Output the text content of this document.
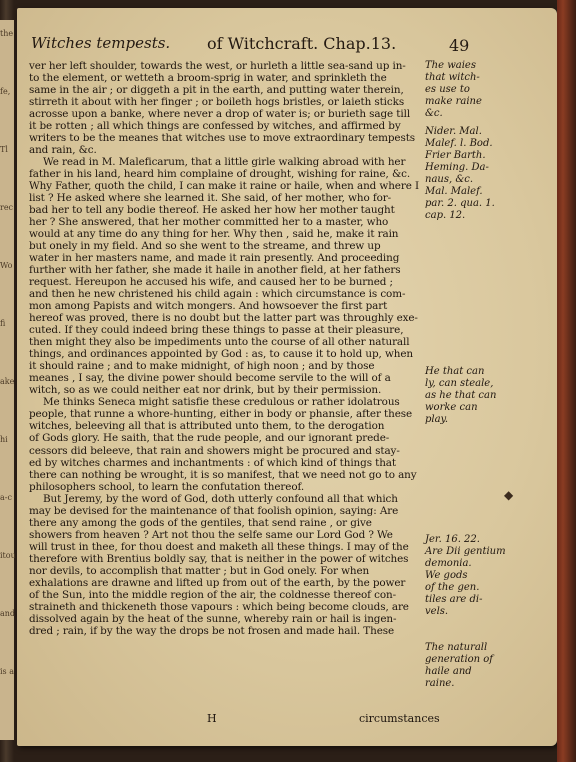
the
fe,
Tl
rec
Wo
fi
ake
hi
a-c
itou
and
is a
Witches tempests. of Witchcraft. Chap.13.	49
ver her left shoulder, towards the west, or hurleth a little sea-sand up in-
to the element, or wetteth a broom-sprig in water, and sprinkleth the
same in the air ; or diggeth a pit in the earth, and putting water therein,
stirreth it about with her finger ; or boileth hogs bristles, or laieth sticks
acrosse upon a banke, where never a drop of water is; or burieth sage till
it be rotten ; all which things are confessed by witches, and affirmed by
writers to be the meanes that witches use to move extraordinary tempests
and rain, &c.
We read in M. Maleficarum, that a little girle walking abroad with her
father in his land, heard him complaine of drought, wishing for raine, &c.
Why Father, quoth the child, I can make it raine or haile, when and where I
list ? He asked where she learned it. She said, of her mother, who for-
bad her to tell any bodie thereof. He asked her how her mother taught
her ? She answered, that her mother committed her to a master, who
would at any time do any thing for her. Why then , said he, make it rain
but onely in my field. And so she went to the streame, and threw up
water in her masters name, and made it rain presently. And proceeding
further with her father, she made it haile in another field, at her fathers
request. Hereupon he accused his wife, and caused her to be burned ;
and then he new christened his child again : which circumstance is com-
mon among Papists and witch mongers. And howsoever the first part
hereof was proved, there is no doubt but the latter part was throughly exe-
cuted. If they could indeed bring these things to passe at their pleasure,
then might they also be impediments unto the course of all other naturall
things, and ordinances appointed by God : as, to cause it to hold up, when
it should raine ; and to make midnight, of high noon ; and by those
meanes , I say, the divine power should become servile to the will of a
witch, so as we could neither eat nor drink, but by their permission.
Me thinks Seneca might satisfie these credulous or rather idolatrous
people, that runne a whore-hunting, either in body or phansie, after these
witches, beleeving all that is attributed unto them, to the derogation
of Gods glory. He saith, that the rude people, and our ignorant prede-
cessors did beleeve, that rain and showers might be procured and stay-
ed by witches charmes and inchantments : of which kind of things that
there can nothing be wrought, it is so manifest, that we need not go to any
philosophers school, to learn the confutation thereof.
But Jeremy, by the word of God, doth utterly confound all that which
may be devised for the maintenance of that foolish opinion, saying: Are
there any among the gods of the gentiles, that send raine , or give
showers from heaven ? Art not thou the selfe same our Lord God ? We
will trust in thee, for thou doest and maketh all these things. I may of the
therefore with Brentius boldly say, that is neither in the power of witches
nor devils, to accomplish that matter ; but in God onely. For when
exhalations are drawne and lifted up from out of the earth, by the power
of the Sun, into the middle region of the air, the coldnesse thereof con-
straineth and thickeneth those vapours : which being become clouds, are
dissolved again by the heat of the sunne, whereby rain or hail is ingen-
dred ; rain, if by the way the drops be not frosen and made hail. These
The waies
that witch-
es use to
make raine
&c.
Nider. Mal.
Malef. l. Bod.
Frier Barth.
Heming. Da-
naus, &c.
Mal. Malef.
par. 2. qua. 1.
cap. 12.
He that can
ly, can steale,
as he that can
worke can
play.
Jer. 16. 22.
Are Dii gentium
demonia.
We gods
of the gen.
tiles are di-
vels.
The naturall
generation of
haile and
raine.
H	circumstances
◆
